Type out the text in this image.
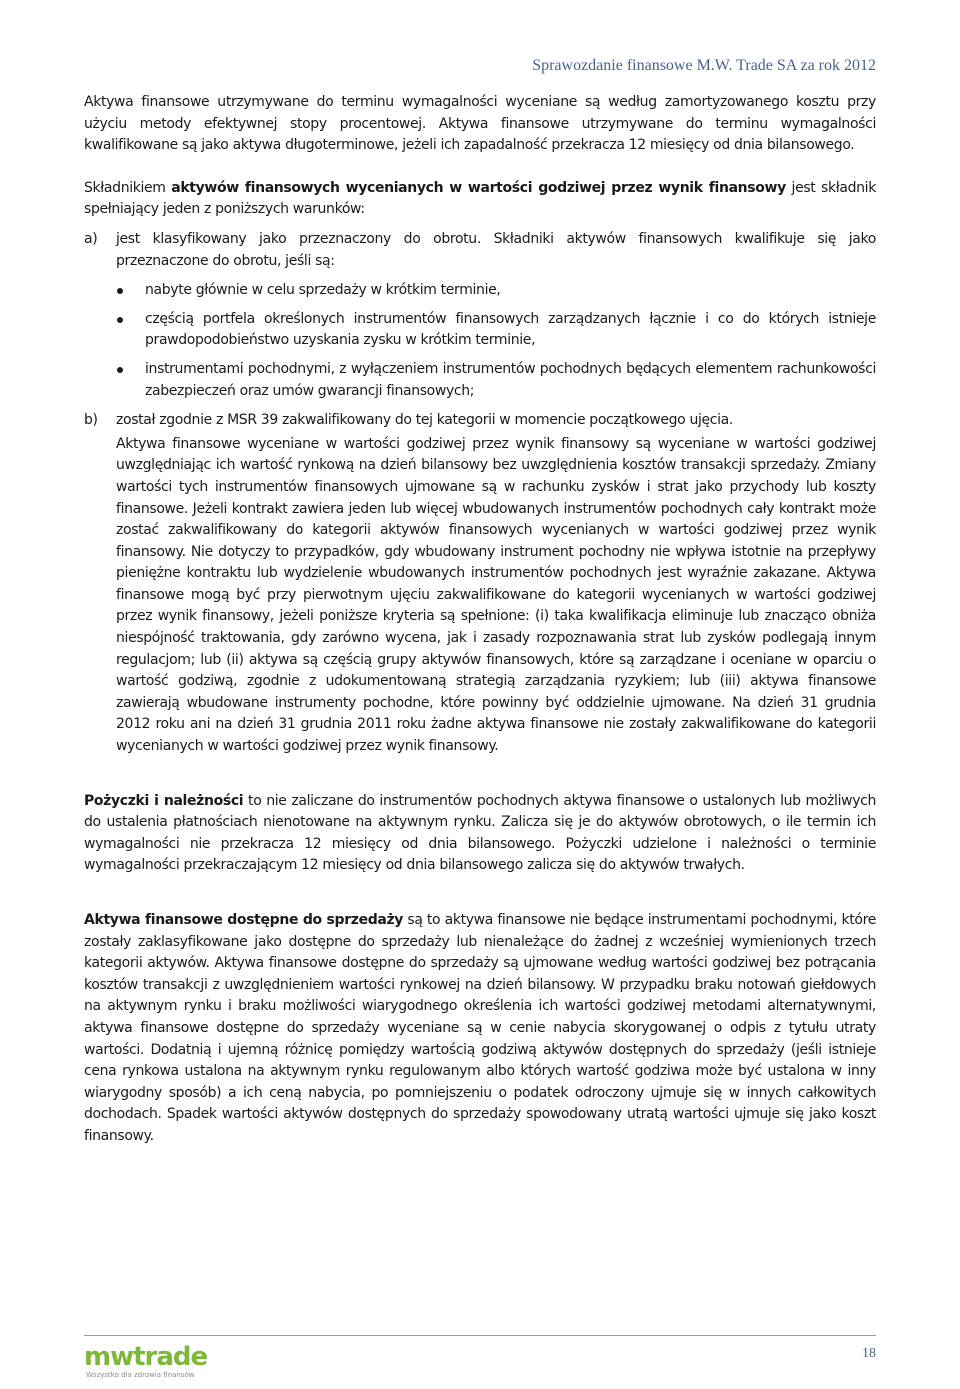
Sprawozdanie finansowe M.W. Trade SA za rok 2012

Aktywa finansowe utrzymywane do terminu wymagalności wyceniane są według zamortyzowanego kosztu przy użyciu metody efektywnej stopy procentowej. Aktywa finansowe utrzymywane do terminu wymagalności kwalifikowane są jako aktywa długoterminowe, jeżeli ich zapadalność przekracza 12 miesięcy od dnia bilansowego.

Składnikiem aktywów finansowych wycenianych w wartości godziwej przez wynik finansowy jest składnik spełniający jeden z poniższych warunków:

a) jest klasyfikowany jako przeznaczony do obrotu. Składniki aktywów finansowych kwalifikuje się jako przeznaczone do obrotu, jeśli są:
nabyte głównie w celu sprzedaży w krótkim terminie,
częścią portfela określonych instrumentów finansowych zarządzanych łącznie i co do których istnieje prawdopodobieństwo uzyskania zysku w krótkim terminie,
instrumentami pochodnymi, z wyłączeniem instrumentów pochodnych będących elementem rachunkowości zabezpieczeń oraz umów gwarancji finansowych;
b) został zgodnie z MSR 39 zakwalifikowany do tej kategorii w momencie początkowego ujęcia.

Aktywa finansowe wyceniane w wartości godziwej przez wynik finansowy są wyceniane w wartości godziwej uwzględniając ich wartość rynkową na dzień bilansowy bez uwzględnienia kosztów transakcji sprzedaży. Zmiany wartości tych instrumentów finansowych ujmowane są w rachunku zysków i strat jako przychody lub koszty finansowe. Jeżeli kontrakt zawiera jeden lub więcej wbudowanych instrumentów pochodnych cały kontrakt może zostać zakwalifikowany do kategorii aktywów finansowych wycenianych w wartości godziwej przez wynik finansowy. Nie dotyczy to przypadków, gdy wbudowany instrument pochodny nie wpływa istotnie na przepływy pieniężne kontraktu lub wydzielenie wbudowanych instrumentów pochodnych jest wyraźnie zakazane. Aktywa finansowe mogą być przy pierwotnym ujęciu zakwalifikowane do kategorii wycenianych w wartości godziwej przez wynik finansowy, jeżeli poniższe kryteria są spełnione: (i) taka kwalifikacja eliminuje lub znacząco obniża niespójność traktowania, gdy zarówno wycena, jak i zasady rozpoznawania strat lub zysków podlegają innym regulacjom; lub (ii) aktywa są częścią grupy aktywów finansowych, które są zarządzane i oceniane w oparciu o wartość godziwą, zgodnie z udokumentowaną strategią zarządzania ryzykiem; lub (iii) aktywa finansowe zawierają wbudowane instrumenty pochodne, które powinny być oddzielnie ujmowane. Na dzień 31 grudnia 2012 roku ani na dzień 31 grudnia 2011 roku żadne aktywa finansowe nie zostały zakwalifikowane do kategorii wycenianych w wartości godziwej przez wynik finansowy.

Pożyczki i należności to nie zaliczane do instrumentów pochodnych aktywa finansowe o ustalonych lub możliwych do ustalenia płatnościach nienotowane na aktywnym rynku. Zalicza się je do aktywów obrotowych, o ile termin ich wymagalności nie przekracza 12 miesięcy od dnia bilansowego. Pożyczki udzielone i należności o terminie wymagalności przekraczającym 12 miesięcy od dnia bilansowego zalicza się do aktywów trwałych.

Aktywa finansowe dostępne do sprzedaży są to aktywa finansowe nie będące instrumentami pochodnymi, które zostały zaklasyfikowane jako dostępne do sprzedaży lub nienależące do żadnej z wcześniej wymienionych trzech kategorii aktywów. Aktywa finansowe dostępne do sprzedaży są ujmowane według wartości godziwej bez potrącania kosztów transakcji z uwzględnieniem wartości rynkowej na dzień bilansowy. W przypadku braku notowań giełdowych na aktywnym rynku i braku możliwości wiarygodnego określenia ich wartości godziwej metodami alternatywnymi, aktywa finansowe dostępne do sprzedaży wyceniane są w cenie nabycia skorygowanej o odpis z tytułu utraty wartości. Dodatnią i ujemną różnicę pomiędzy wartością godziwą aktywów dostępnych do sprzedaży (jeśli istnieje cena rynkowa ustalona na aktywnym rynku regulowanym albo których wartość godziwa może być ustalona w inny wiarygodny sposób) a ich ceną nabycia, po pomniejszeniu o podatek odroczony ujmuje się w innych całkowitych dochodach. Spadek wartości aktywów dostępnych do sprzedaży spowodowany utratą wartości ujmuje się jako koszt finansowy.

mwtrade
Wszystko dla zdrowia finansów
18
